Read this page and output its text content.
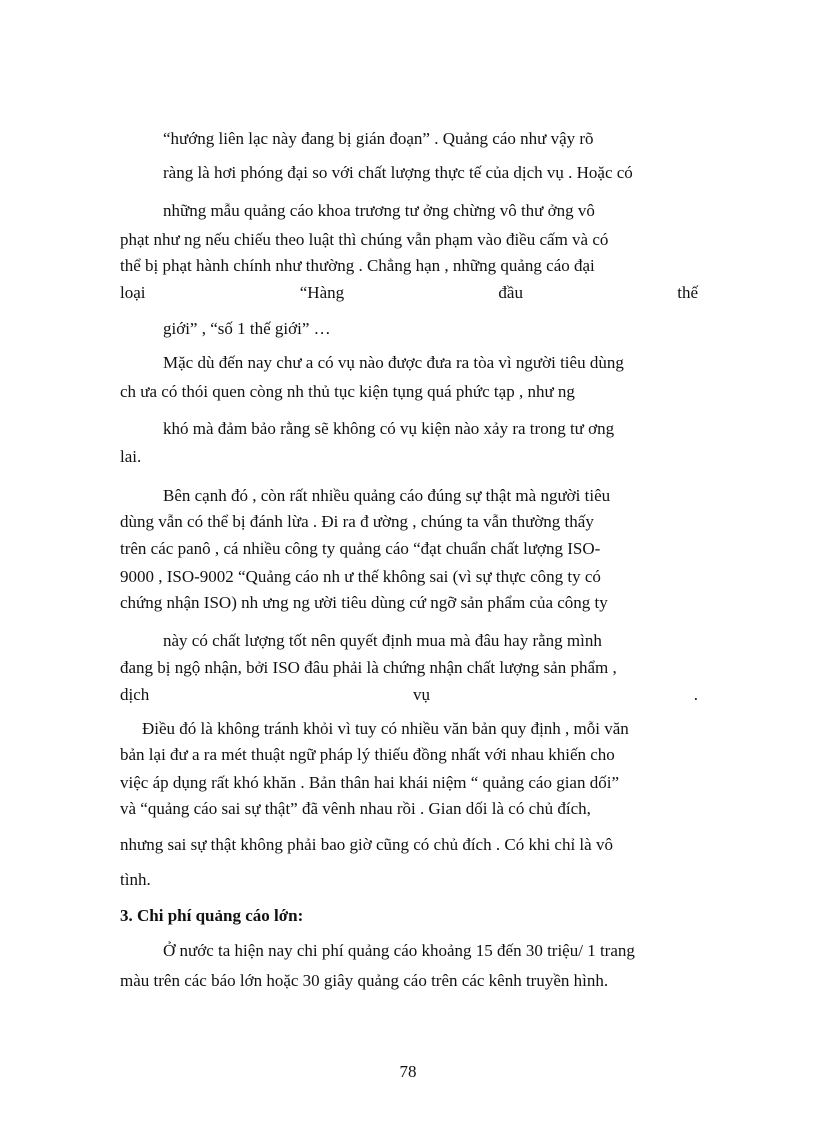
“hướng liên lạc này đang bị gián đoạn” . Quảng cáo như vậy rõ
ràng là hơi phóng đại so với chất lượng thực tế của dịch vụ . Hoặc có
những mẫu quảng cáo khoa trương tư ởng chừng vô thư ởng vô
phạt như ng nếu chiếu theo luật thì chúng vẫn phạm vào điều cấm và có
thể bị phạt hành chính như thường . Chẳng hạn , những quảng cáo đại
loại	“Hàng	đầu	thế
giới” , “số 1 thế giới” …
Mặc dù đến nay chư a có vụ nào được đưa ra tòa vì người tiêu dùng
ch ưa có thói quen còng nh thủ tục kiện tụng quá phức tạp , như ng
khó mà đảm bảo rằng sẽ không có vụ kiện nào xảy ra trong tư ơng
lai.
Bên cạnh đó , còn rất nhiều quảng cáo đúng sự thật mà người tiêu
dùng vẫn có thể bị đánh lừa . Đi ra đ ường , chúng ta vẫn thường thấy
trên các panô , cá nhiều công ty quảng cáo “đạt chuẩn chất lượng ISO-
9000 , ISO-9002 “Quảng cáo nh ư thế không sai (vì sự thực công ty có
chứng nhận ISO) nh ưng ng ười tiêu dùng cứ ngỡ sản phẩm của công ty
này có chất lượng tốt nên quyết định mua mà đâu hay rằng mình
đang bị ngộ nhận, bởi ISO đâu phải là chứng nhận chất lượng sản phẩm ,
dịch	vụ	.
Điều đó là không tránh khỏi vì tuy có nhiều văn bản quy định , mỗi văn
bản lại đư a ra mét thuật ngữ pháp lý thiếu đồng nhất với nhau khiến cho
việc áp dụng rất khó khăn . Bản thân hai khái niệm “ quảng cáo gian dối”
và “quảng cáo sai sự thật” đã vênh nhau rồi . Gian dối là có chủ đích,
nhưng sai sự thật không phải bao giờ cũng có chủ đích . Có khi chỉ là vô
tình.
3. Chi phí quảng cáo lớn:
Ở nước ta hiện nay chi phí quảng cáo khoảng 15 đến 30 triệu/ 1 trang
màu trên các báo lớn hoặc 30 giây quảng cáo trên các kênh truyền hình.
78
